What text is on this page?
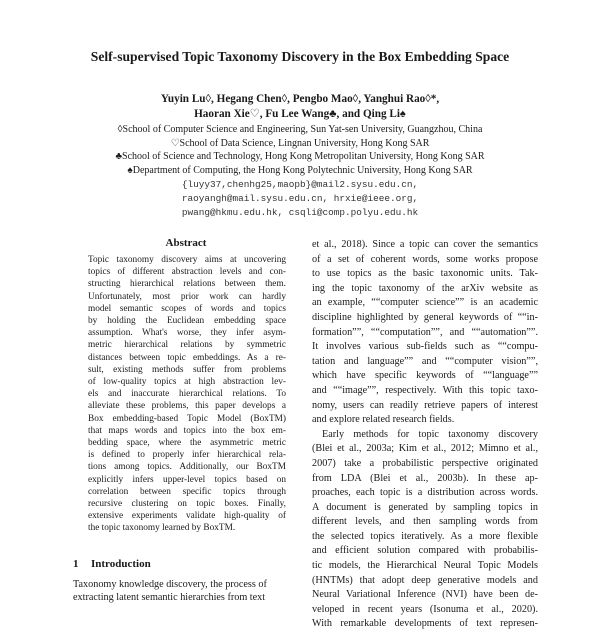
Self-supervised Topic Taxonomy Discovery in the Box Embedding Space
Yuyin Lu◊, Hegang Chen◊, Pengbo Mao◊, Yanghui Rao◊*,
Haoran Xie♡, Fu Lee Wang♣, and Qing Li♠
◊School of Computer Science and Engineering, Sun Yat-sen University, Guangzhou, China
♡School of Data Science, Lingnan University, Hong Kong SAR
♣School of Science and Technology, Hong Kong Metropolitan University, Hong Kong SAR
♠Department of Computing, the Hong Kong Polytechnic University, Hong Kong SAR
{luyy37,chenhg25,maopb}@mail2.sysu.edu.cn,
raoyangh@mail.sysu.edu.cn, hrxie@ieee.org,
pwang@hkmu.edu.hk, csqli@comp.polyu.edu.hk
Abstract
Topic taxonomy discovery aims at uncovering
topics of different abstraction levels and con-
structing hierarchical relations between them.
Unfortunately, most prior work can hardly
model semantic scopes of words and topics
by holding the Euclidean embedding space
assumption. What's worse, they infer asym-
metric hierarchical relations by symmetric
distances between topic embeddings. As a re-
sult, existing methods suffer from problems
of low-quality topics at high abstraction lev-
els and inaccurate hierarchical relations. To
alleviate these problems, this paper develops a
Box embedding-based Topic Model (BoxTM)
that maps words and topics into the box em-
bedding space, where the asymmetric metric
is defined to properly infer hierarchical rela-
tions among topics. Additionally, our BoxTM
explicitly infers upper-level topics based on
correlation between specific topics through
recursive clustering on topic boxes. Finally,
extensive experiments validate high-quality of
the topic taxonomy learned by BoxTM.
1 Introduction
Taxonomy knowledge discovery, the process of
extracting latent semantic hierarchies from text
et al., 2018). Since a topic can cover the semantics
of a set of coherent words, some works propose
to use topics as the basic taxonomic units. Tak-
ing the topic taxonomy of the arXiv website as
an example, ““computer science”” is an academic
discipline highlighted by general keywords of ““in-
formation””, ““computation””, and ““automation””.
It involves various sub-fields such as ““compu-
tation and language”” and ““computer vision””,
which have specific keywords of ““language””
and ““image””, respectively. With this topic taxo-
nomy, users can readily retrieve papers of interest
and explore related research fields.
Early methods for topic taxonomy discovery
(Blei et al., 2003a; Kim et al., 2012; Mimno et al.,
2007) take a probabilistic perspective originated
from LDA (Blei et al., 2003b). In these ap-
proaches, each topic is a distribution across words.
A document is generated by sampling topics in
different levels, and then sampling words from
the selected topics iteratively. As a more flexible
and efficient solution compared with probabilis-
tic models, the Hierarchical Neural Topic Models
(HNTMs) that adopt deep generative models and
Neural Variational Inference (NVI) have been de-
veloped in recent years (Isonuma et al., 2020).
With remarkable developments of text represen-
